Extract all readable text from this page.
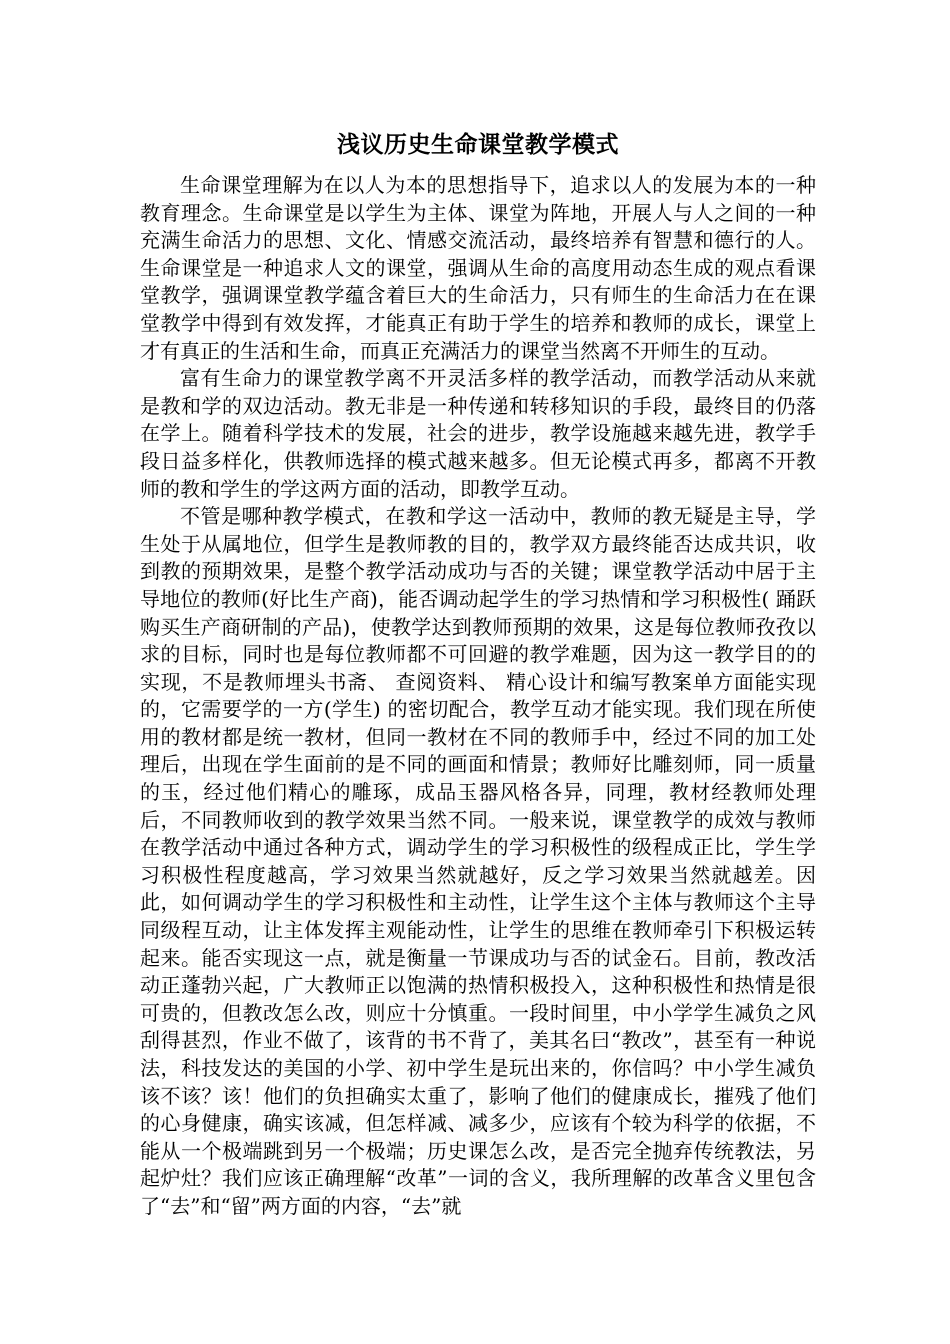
浅议历史生命课堂教学模式

生命课堂理解为在以人为本的思想指导下，追求以人的发展为本的一种教育理念。生命课堂是以学生为主体、课堂为阵地，开展人与人之间的一种充满生命活力的思想、文化、情感交流活动，最终培养有智慧和德行的人。生命课堂是一种追求人文的课堂，强调从生命的高度用动态生成的观点看课堂教学，强调课堂教学蕴含着巨大的生命活力，只有师生的生命活力在在课堂教学中得到有效发挥，才能真正有助于学生的培养和教师的成长，课堂上才有真正的生活和生命，而真正充满活力的课堂当然离不开师生的互动。

富有生命力的课堂教学离不开灵活多样的教学活动，而教学活动从来就是教和学的双边活动。教无非是一种传递和转移知识的手段，最终目的仍落在学上。随着科学技术的发展，社会的进步，教学设施越来越先进，教学手段日益多样化，供教师选择的模式越来越多。但无论模式再多，都离不开教师的教和学生的学这两方面的活动，即教学互动。

不管是哪种教学模式，在教和学这一活动中，教师的教无疑是主导，学生处于从属地位，但学生是教师教的目的，教学双方最终能否达成共识，收到教的预期效果，是整个教学活动成功与否的关键；课堂教学活动中居于主导地位的教师(好比生产商)，能否调动起学生的学习热情和学习积极性( 踊跃购买生产商研制的产品)，使教学达到教师预期的效果，这是每位教师孜孜以求的目标，同时也是每位教师都不可回避的教学难题，因为这一教学目的的实现，不是教师埋头书斋、 查阅资料、 精心设计和编写教案单方面能实现的，它需要学的一方(学生) 的密切配合，教学互动才能实现。我们现在所使用的教材都是统一教材，但同一教材在不同的教师手中，经过不同的加工处理后，出现在学生面前的是不同的画面和情景；教师好比雕刻师，同一质量的玉，经过他们精心的雕琢，成品玉器风格各异，同理，教材经教师处理后，不同教师收到的教学效果当然不同。一般来说，课堂教学的成效与教师在教学活动中通过各种方式，调动学生的学习积极性的级程成正比，学生学习积极性程度越高，学习效果当然就越好，反之学习效果当然就越差。因此，如何调动学生的学习积极性和主动性，让学生这个主体与教师这个主导同级程互动，让主体发挥主观能动性，让学生的思维在教师牵引下积极运转起来。能否实现这一点，就是衡量一节课成功与否的试金石。目前，教改活动正蓬勃兴起，广大教师正以饱满的热情积极投入，这种积极性和热情是很可贵的，但教改怎么改，则应十分慎重。一段时间里，中小学学生减负之风刮得甚烈，作业不做了，该背的书不背了，美其名曰“教改”，甚至有一种说法，科技发达的美国的小学、初中学生是玩出来的，你信吗？中小学生减负该不该？该！他们的负担确实太重了，影响了他们的健康成长，摧残了他们的心身健康，确实该减，但怎样减、减多少，应该有个较为科学的依据，不能从一个极端跳到另一个极端；历史课怎么改，是否完全抛弃传统教法，另起炉灶？我们应该正确理解“改革”一词的含义，我所理解的改革含义里包含了“去”和“留”两方面的内容，“去”就
